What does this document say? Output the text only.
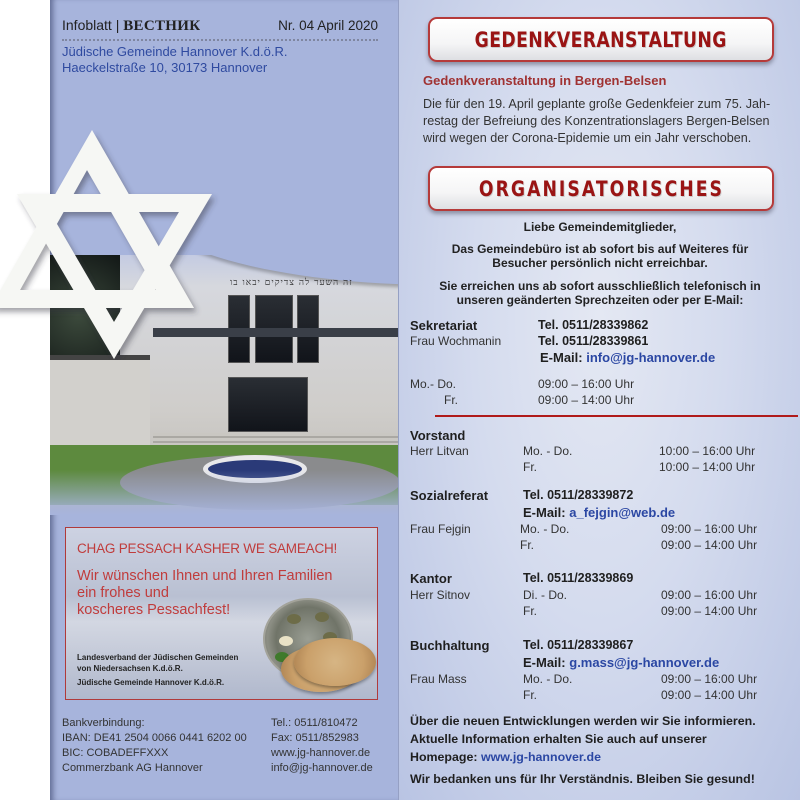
Infoblatt | ВЕСТНИК	Nr. 04 April 2020
Jüdische Gemeinde Hannover K.d.ö.R.
Haeckelstraße 10, 30173 Hannover
זה השער לה צדיקים יבאו בו
CHAG PESSACH KASHER WE SAMEACH!
Wir wünschen Ihnen und Ihren Familien
ein frohes und
koscheres Pessachfest!
Landesverband der Jüdischen Gemeinden
von Niedersachsen K.d.ö.R.
Jüdische Gemeinde Hannover K.d.ö.R.
Bankverbindung:
IBAN: DE41 2504 0066 0441 6202 00
BIC: COBADEFFXXX
Commerzbank AG Hannover
Tel.: 0511/810472
Fax: 0511/852983
www.jg-hannover.de
info@jg-hannover.de
GEDENKVERANSTALTUNG
Gedenkveranstaltung in Bergen-Belsen
Die für den 19. April geplante große Gedenkfeier zum 75. Jah-
restag der Befreiung des Konzentrationslagers Bergen-Belsen
wird wegen der Corona-Epidemie um ein Jahr verschoben.
ORGANISATORISCHES
Liebe Gemeindemitglieder,
Das Gemeindebüro ist ab sofort bis auf Weiteres für
Besucher persönlich nicht erreichbar.
Sie erreichen uns ab sofort ausschließlich telefonisch in
unseren geänderten Sprechzeiten oder per E-Mail:
Sekretariat	Tel. 0511/28339862
Frau Wochmanin	Tel. 0511/28339861
E-Mail: info@jg-hannover.de
Mo.- Do.	09:00 – 16:00 Uhr
Fr.	09:00 – 14:00 Uhr
Vorstand
Herr Litvan	Mo. - Do.	10:00 – 16:00 Uhr
Fr.	10:00 – 14:00 Uhr
Sozialreferat	Tel. 0511/28339872
E-Mail: a_fejgin@web.de
Frau Fejgin	Mo. - Do.	09:00 – 16:00 Uhr
Fr.	09:00 – 14:00 Uhr
Kantor	Tel. 0511/28339869
Herr Sitnov	Di. - Do.	09:00 – 16:00 Uhr
Fr.	09:00 – 14:00 Uhr
Buchhaltung	Tel. 0511/28339867
E-Mail: g.mass@jg-hannover.de
Frau Mass	Mo. - Do.	09:00 – 16:00 Uhr
Fr.	09:00 – 14:00 Uhr
Über die neuen Entwicklungen werden wir Sie informieren.
Aktuelle Information erhalten Sie auch auf unserer
Homepage: www.jg-hannover.de
Wir bedanken uns für Ihr Verständnis. Bleiben Sie gesund!
